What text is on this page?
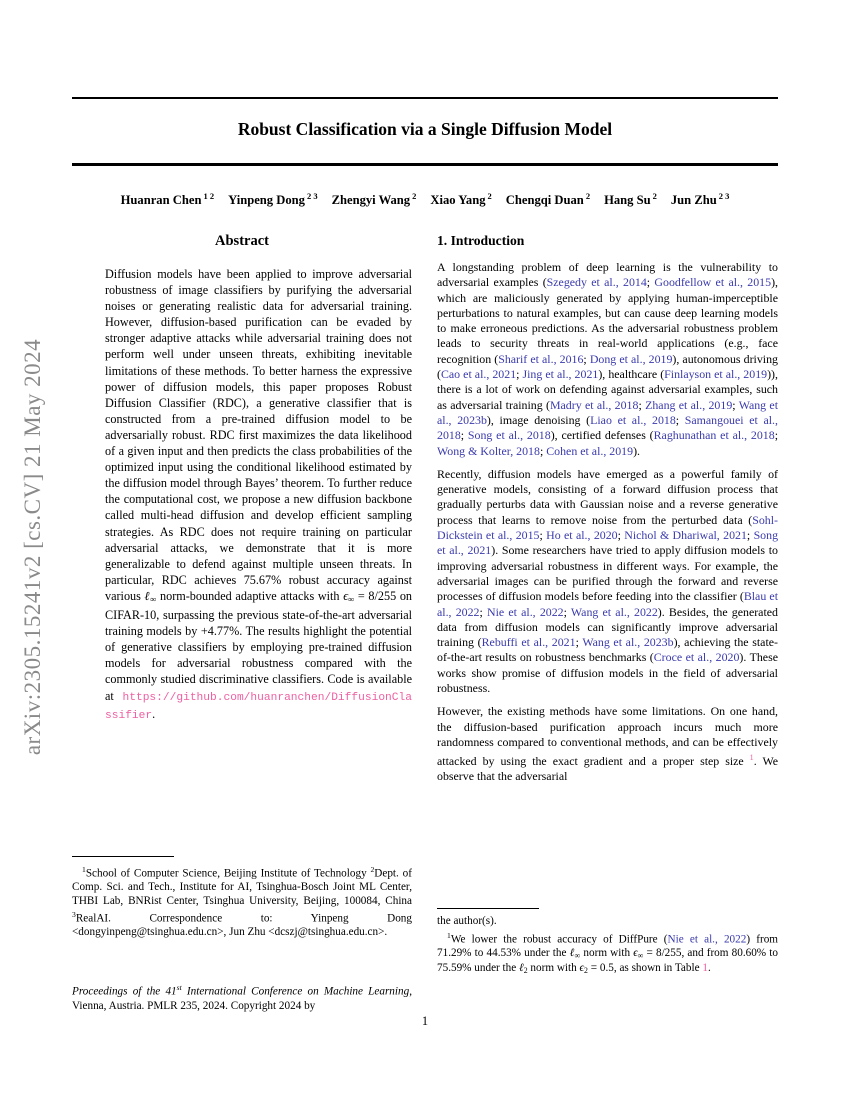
arXiv:2305.15241v2 [cs.CV] 21 May 2024
Robust Classification via a Single Diffusion Model
Huanran Chen $^{1 2}$ Yinpeng Dong $^{2 3}$ Zhengyi Wang $^2$ Xiao Yang $^2$ Chengqi Duan $^2$ Hang Su $^2$ Jun Zhu $^{2 3}$
Abstract
Diffusion models have been applied to improve adversarial robustness of image classifiers by purifying the adversarial noises or generating realistic data for adversarial training. However, diffusion-based purification can be evaded by stronger adaptive attacks while adversarial training does not perform well under unseen threats, exhibiting inevitable limitations of these methods. To better harness the expressive power of diffusion models, this paper proposes Robust Diffusion Classifier (RDC), a generative classifier that is constructed from a pre-trained diffusion model to be adversarially robust. RDC first maximizes the data likelihood of a given input and then predicts the class probabilities of the optimized input using the conditional likelihood estimated by the diffusion model through Bayes’ theorem. To further reduce the computational cost, we propose a new diffusion backbone called multi-head diffusion and develop efficient sampling strategies. As RDC does not require training on particular adversarial attacks, we demonstrate that it is more generalizable to defend against multiple unseen threats. In particular, RDC achieves 75.67% robust accuracy against various ℓ∞ norm-bounded adaptive attacks with ϵ∞ = 8/255 on CIFAR-10, surpassing the previous state-of-the-art adversarial training models by +4.77%. The results highlight the potential of generative classifiers by employing pre-trained diffusion models for adversarial robustness compared with the commonly studied discriminative classifiers. Code is available at https://github.com/huanranchen/DiffusionClassifier.
1. Introduction

A longstanding problem of deep learning is the vulnerability to adversarial examples (Szegedy et al., 2014; Goodfellow et al., 2015), which are maliciously generated by applying human-imperceptible perturbations to natural examples, but can cause deep learning models to make erroneous predictions. As the adversarial robustness problem leads to security threats in real-world applications (e.g., face recognition (Sharif et al., 2016; Dong et al., 2019), autonomous driving (Cao et al., 2021; Jing et al., 2021), healthcare (Finlayson et al., 2019)), there is a lot of work on defending against adversarial examples, such as adversarial training (Madry et al., 2018; Zhang et al., 2019; Wang et al., 2023b), image denoising (Liao et al., 2018; Samangouei et al., 2018; Song et al., 2018), certified defenses (Raghunathan et al., 2018; Wong & Kolter, 2018; Cohen et al., 2019).

Recently, diffusion models have emerged as a powerful family of generative models, consisting of a forward diffusion process that gradually perturbs data with Gaussian noise and a reverse generative process that learns to remove noise from the perturbed data (Sohl-Dickstein et al., 2015; Ho et al., 2020; Nichol & Dhariwal, 2021; Song et al., 2021). Some researchers have tried to apply diffusion models to improving adversarial robustness in different ways. For example, the adversarial images can be purified through the forward and reverse processes of diffusion models before feeding into the classifier (Blau et al., 2022; Nie et al., 2022; Wang et al., 2022). Besides, the generated data from diffusion models can significantly improve adversarial training (Rebuffi et al., 2021; Wang et al., 2023b), achieving the state-of-the-art results on robustness benchmarks (Croce et al., 2020). These works show promise of diffusion models in the field of adversarial robustness.

However, the existing methods have some limitations. On one hand, the diffusion-based purification approach incurs much more randomness compared to conventional methods, and can be effectively attacked by using the exact gradient and a proper step size $^1$. We observe that the adversarial

$^1$School of Computer Science, Beijing Institute of Technology $^2$Dept. of Comp. Sci. and Tech., Institute for AI, Tsinghua-Bosch Joint ML Center, THBI Lab, BNRist Center, Tsinghua University, Beijing, 100084, China $^3$RealAI. Correspondence to: Yinpeng Dong <dongyinpeng@tsinghua.edu.cn>, Jun Zhu <dcszj@tsinghua.edu.cn>.
Proceedings of the 41st International Conference on Machine Learning, Vienna, Austria. PMLR 235, 2024. Copyright 2024 by
the author(s).
$^1$We lower the robust accuracy of DiffPure (Nie et al., 2022) from 71.29% to 44.53% under the ℓ∞ norm with ϵ∞ = 8/255, and from 80.60% to 75.59% under the ℓ2 norm with ϵ2 = 0.5, as shown in Table 1.
1
